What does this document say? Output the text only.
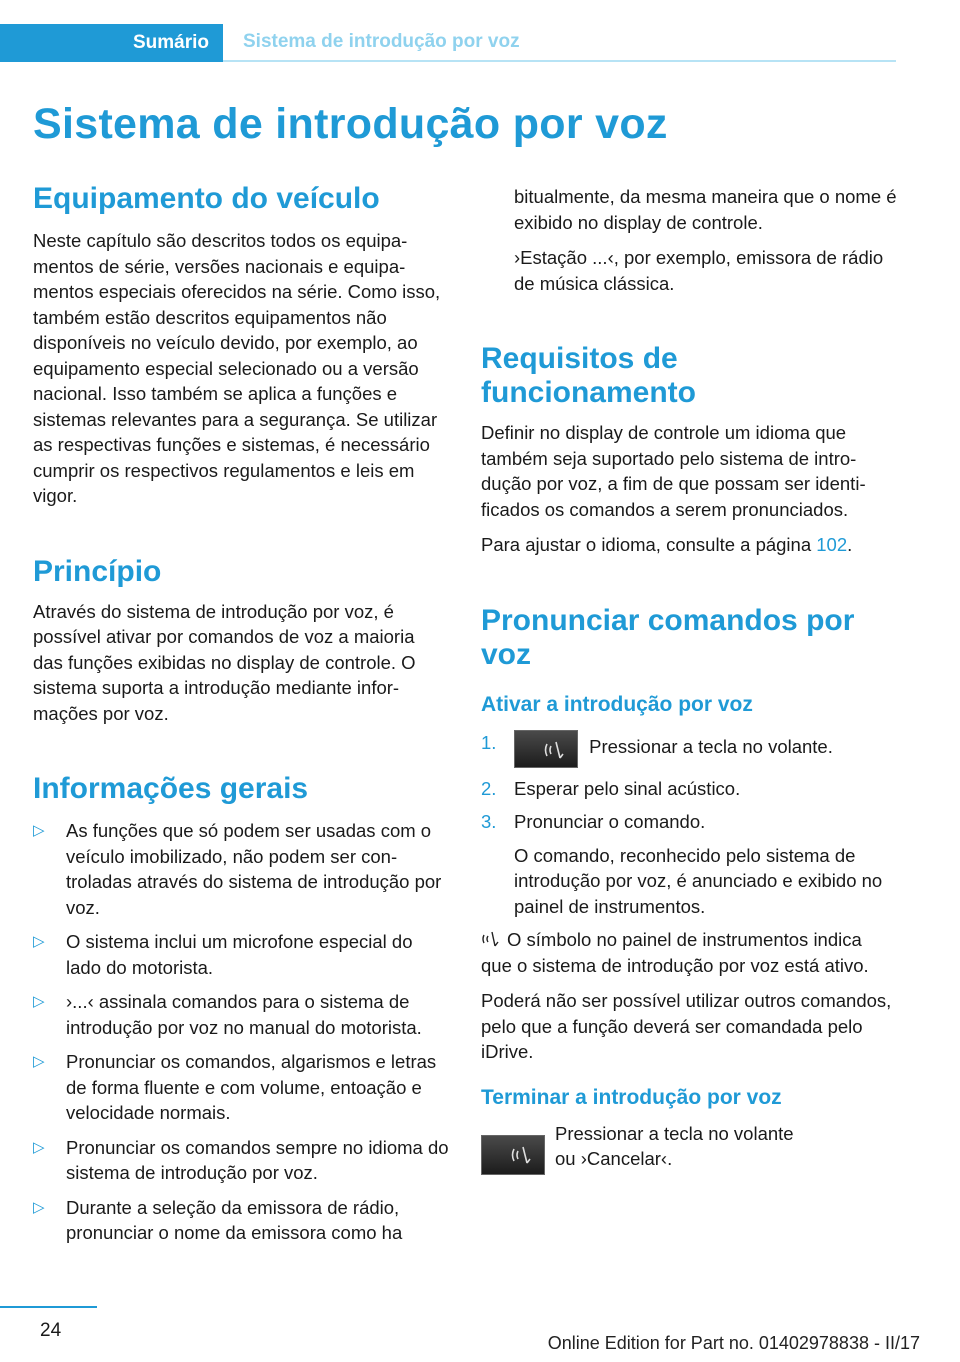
Sumário	Sistema de introdução por voz
Sistema de introdução por voz
Equipamento do veículo

Neste capítulo são descritos todos os equipamentos de série, versões nacionais e equipamentos especiais oferecidos na série. Como isso, também estão descritos equipamentos não disponíveis no veículo devido, por exemplo, ao equipamento especial selecionado ou a versão nacional. Isso também se aplica a funções e sistemas relevantes para a segurança. Se utilizar as respectivas funções e sistemas, é necessário cumprir os respectivos regulamentos e leis em vigor.

Princípio

Através do sistema de introdução por voz, é possível ativar por comandos de voz a maioria das funções exibidas no display de controle. O sistema suporta a introdução mediante informações por voz.

Informações gerais
▷ As funções que só podem ser usadas com o veículo imobilizado, não podem ser controladas através do sistema de introdução por voz.
▷ O sistema inclui um microfone especial do lado do motorista.
▷ ›...‹ assinala comandos para o sistema de introdução por voz no manual do motorista.
▷ Pronunciar os comandos, algarismos e letras de forma fluente e com volume, entoação e velocidade normais.
▷ Pronunciar os comandos sempre no idioma do sistema de introdução por voz.
▷ Durante a seleção da emissora de rádio, pronunciar o nome da emissora como ha

bitualmente, da mesma maneira que o nome é exibido no display de controle.

›Estação ...‹, por exemplo, emissora de rádio de música clássica.

Requisitos de funcionamento

Definir no display de controle um idioma que também seja suportado pelo sistema de introdução por voz, a fim de que possam ser identificados os comandos a serem pronunciados.

Para ajustar o idioma, consulte a página 102.

Pronunciar comandos por voz
Ativar a introdução por voz
1.	Pressionar a tecla no volante.
2. Esperar pelo sinal acústico.
3. Pronunciar o comando.

O comando, reconhecido pelo sistema de introdução por voz, é anunciado e exibido no painel de instrumentos.

O símbolo no painel de instrumentos indica que o sistema de introdução por voz está ativo.

Poderá não ser possível utilizar outros comandos, pelo que a função deverá ser comandada pelo iDrive.

Terminar a introdução por voz

Pressionar a tecla no volante

ou ›Cancelar‹.

24
Online Edition for Part no. 01402978838 - II/17
